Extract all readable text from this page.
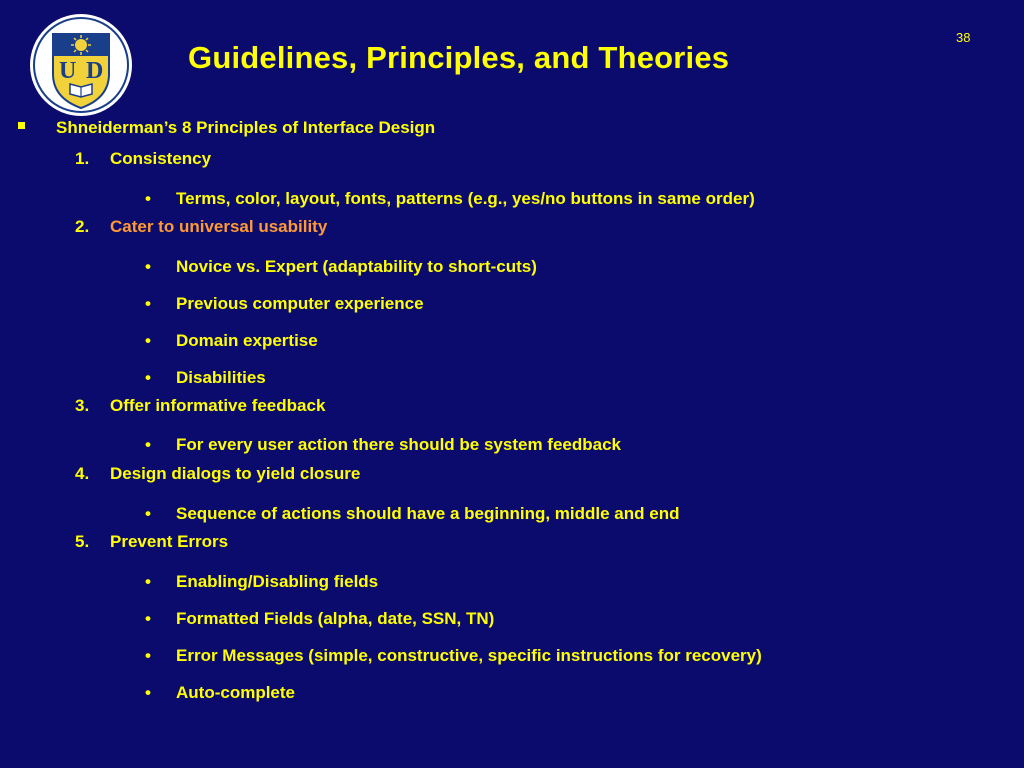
U D	Guidelines, Principles, and Theories
38
Shneiderman’s 8 Principles of Interface Design
1. Consistency
• Terms, color, layout, fonts, patterns (e.g., yes/no buttons in same order)
2. Cater to universal usability
• Novice vs. Expert (adaptability to short-cuts)
• Previous computer experience
• Domain expertise
• Disabilities
3. Offer informative feedback
• For every user action there should be system feedback
4. Design dialogs to yield closure
• Sequence of actions should have a beginning, middle and end
5. Prevent Errors
• Enabling/Disabling fields
• Formatted Fields (alpha, date, SSN, TN)
• Error Messages (simple, constructive, specific instructions for recovery)
• Auto-complete
